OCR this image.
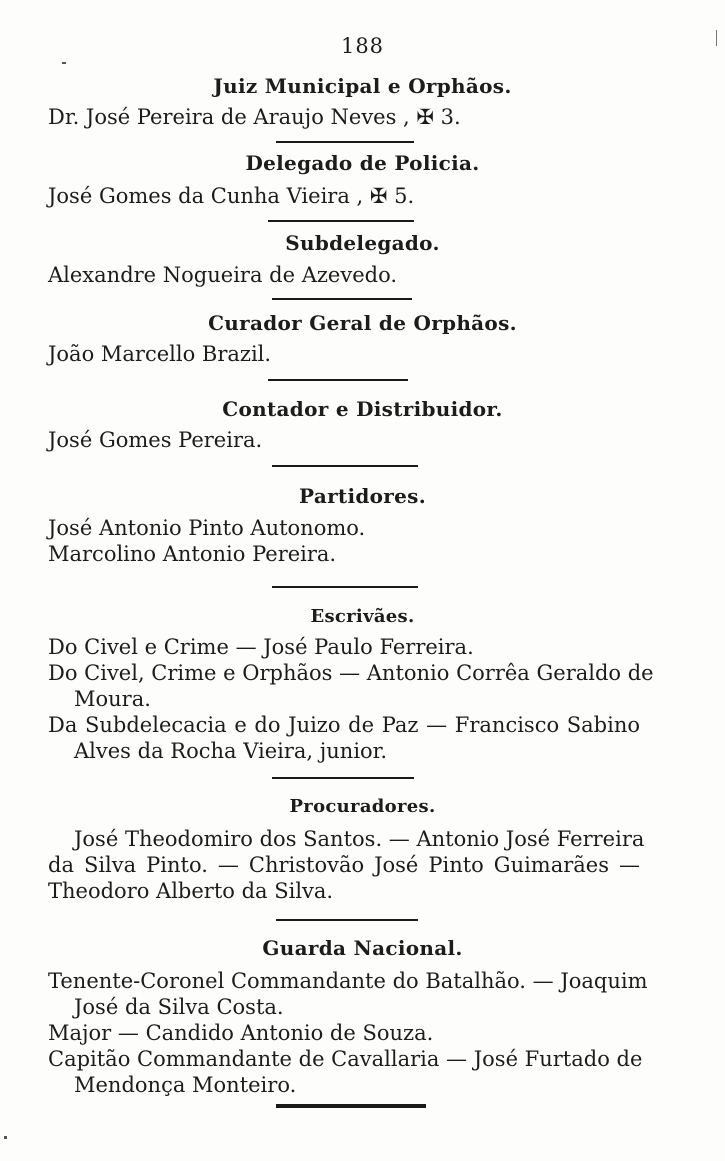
188
Juiz Municipal e Orphãos.
Dr. José Pereira de Araujo Neves , ✠ 3.
Delegado de Policia.
José Gomes da Cunha Vieira , ✠ 5.
Subdelegado.
Alexandre Nogueira de Azevedo.
Curador Geral de Orphãos.
João Marcello Brazil.
Contador e Distribuidor.
José Gomes Pereira.
Partidores.
José Antonio Pinto Autonomo.
Marcolino Antonio Pereira.
Escrivães.
Do Civel e Crime — José Paulo Ferreira.
Do Civel, Crime e Orphãos — Antonio Corrêa Geraldo de
Moura.
Da Subdelecacia e do Juizo de Paz — Francisco Sabino
Alves da Rocha Vieira, junior.
Procuradores.
José Theodomiro dos Santos. — Antonio José Ferreira
da Silva Pinto. — Christovão José Pinto Guimarães —
Theodoro Alberto da Silva.
Guarda Nacional.
Tenente-Coronel Commandante do Batalhão. — Joaquim
José da Silva Costa.
Major — Candido Antonio de Souza.
Capitão Commandante de Cavallaria — José Furtado de
Mendonça Monteiro.
